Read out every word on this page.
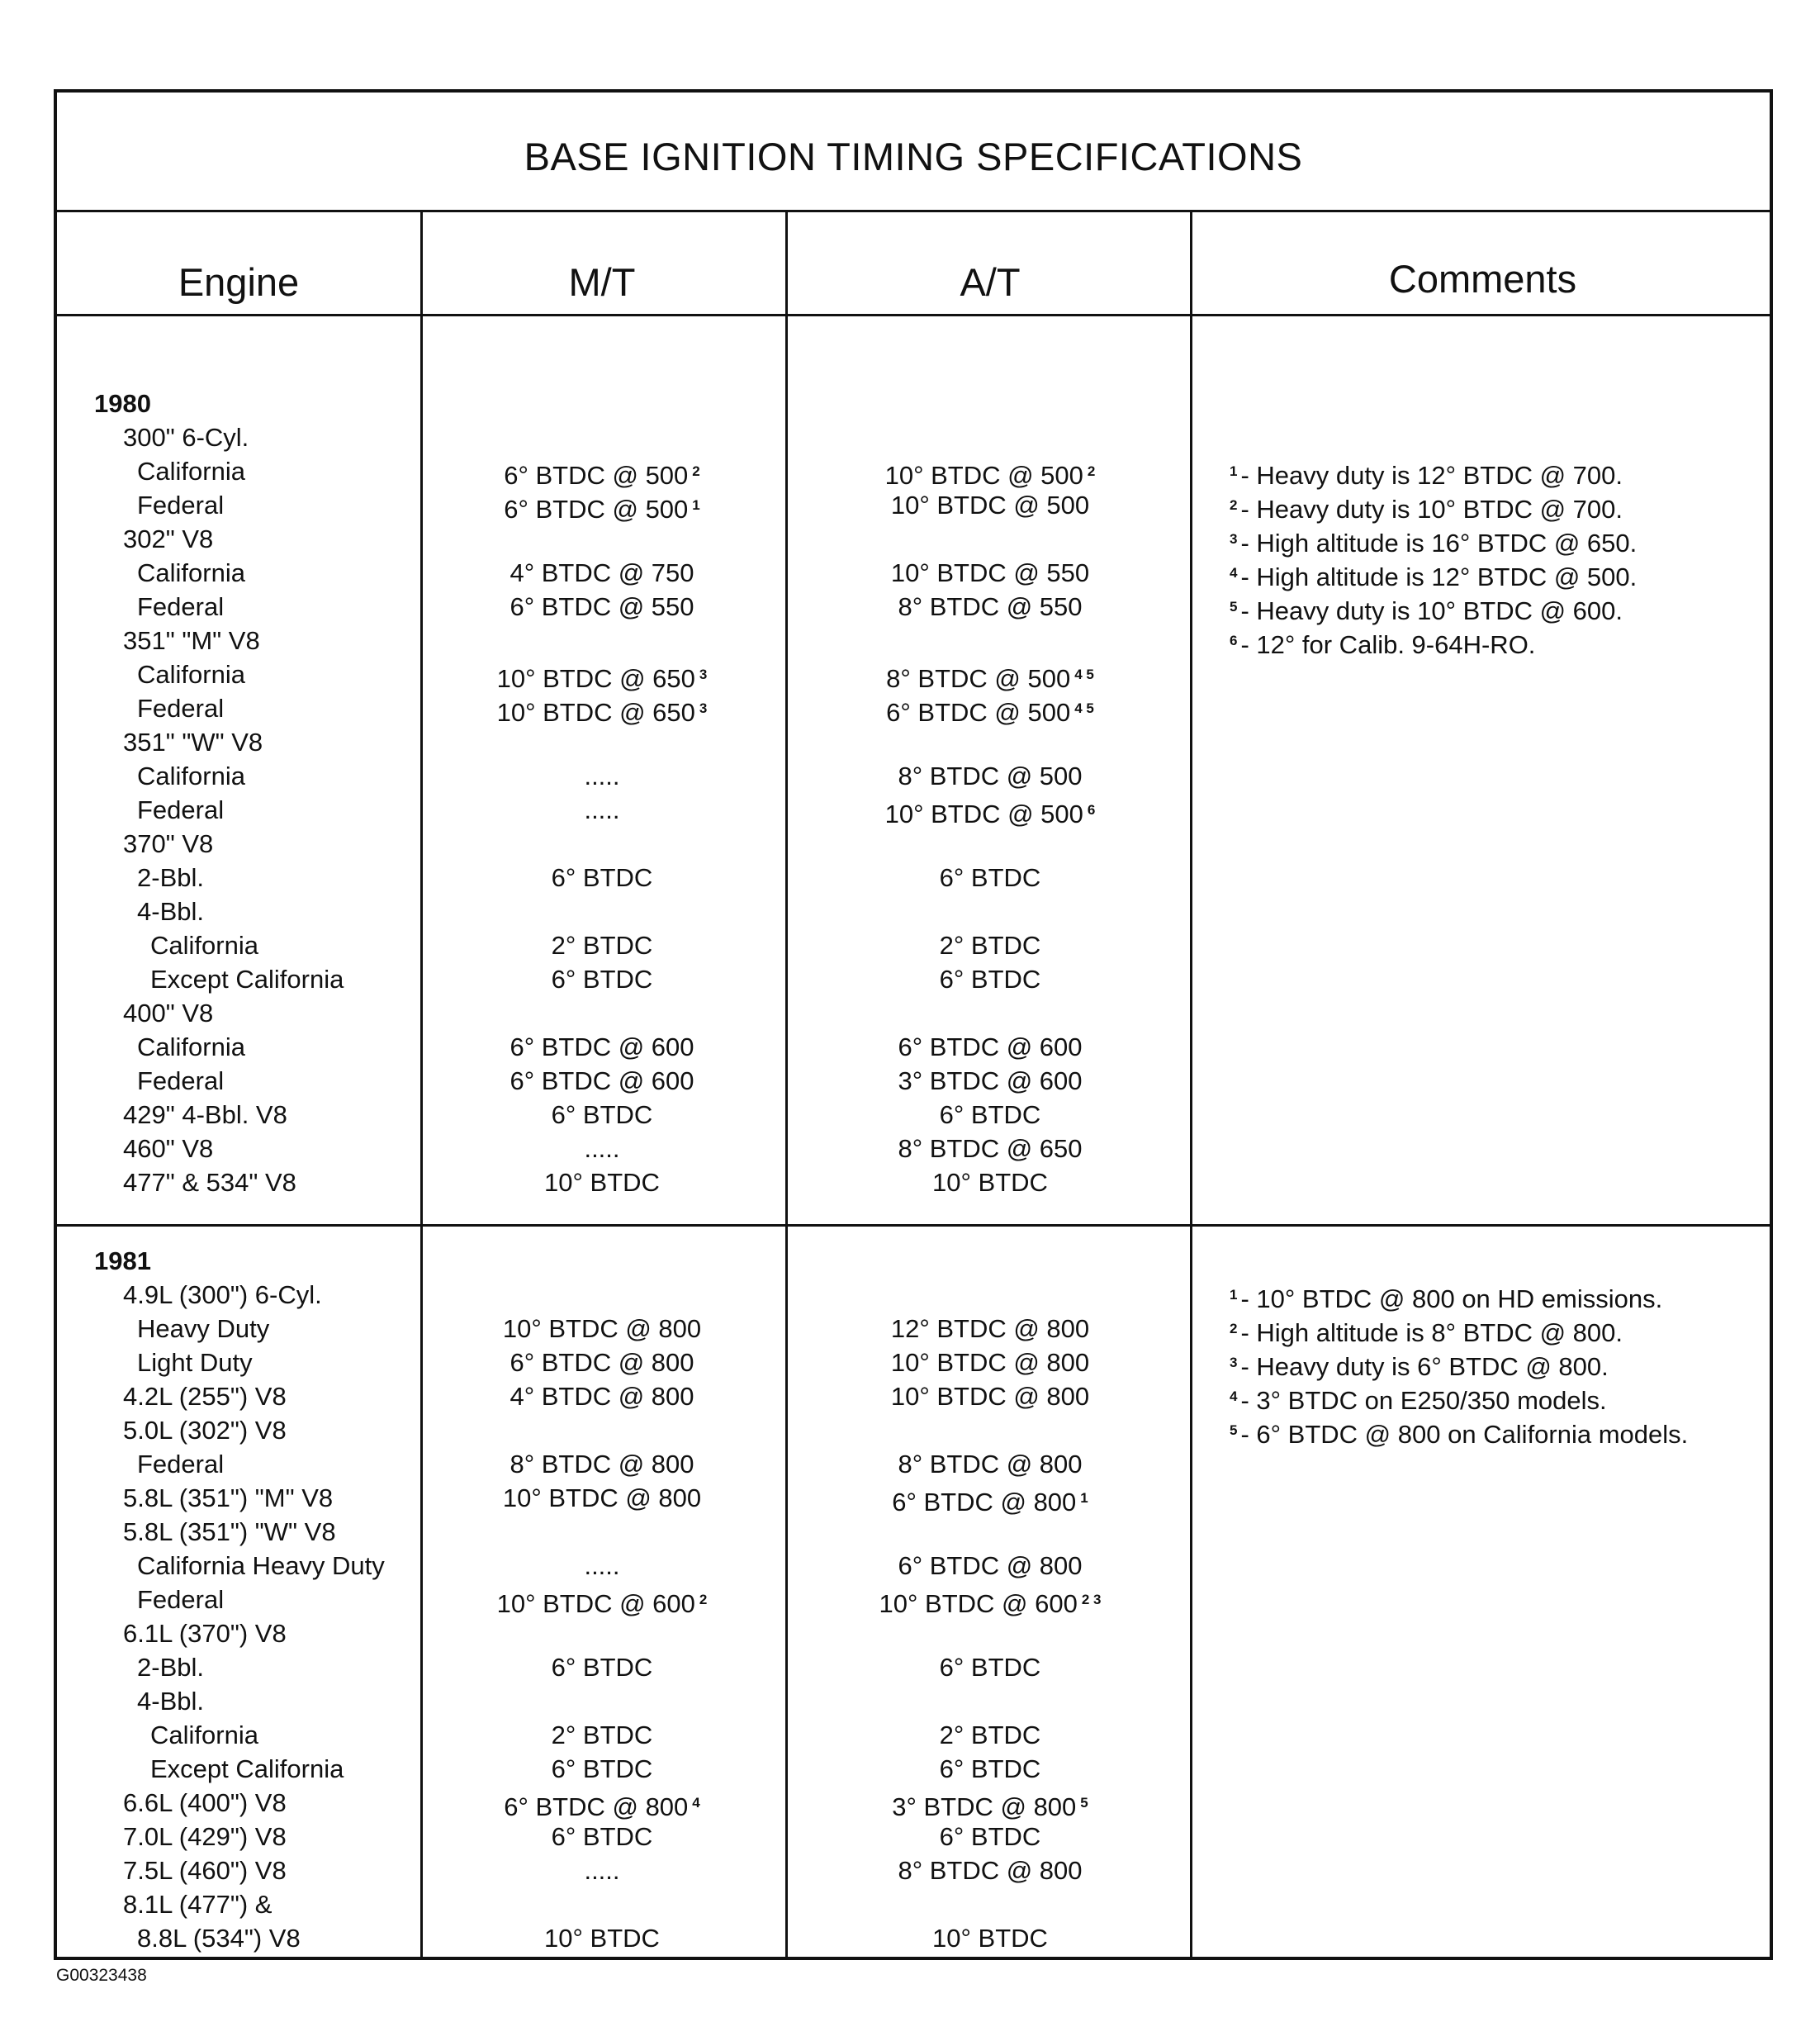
BASE IGNITION TIMING SPECIFICATIONS
Engine	M/T	A/T	Comments
1980
300" 6-Cyl.
California	6° BTDC @ 500 $^2$	10° BTDC @ 500 $^2$
Federal	6° BTDC @ 500 $^1$	10° BTDC @ 500
302" V8
California	4° BTDC @ 750	10° BTDC @ 550
Federal	6° BTDC @ 550	8° BTDC @ 550
351" "M" V8
California	10° BTDC @ 650 $^3$	8° BTDC @ 500 $^{4 5}$
Federal	10° BTDC @ 650 $^3$	6° BTDC @ 500 $^{4 5}$
351" "W" V8
California	.....	8° BTDC @ 500
Federal	.....	10° BTDC @ 500 $^6$
370" V8
2-Bbl.	6° BTDC	6° BTDC
4-Bbl.
California	2° BTDC	2° BTDC
Except California	6° BTDC	6° BTDC
400" V8
California	6° BTDC @ 600	6° BTDC @ 600
Federal	6° BTDC @ 600	3° BTDC @ 600
429" 4-Bbl. V8	6° BTDC	6° BTDC
460" V8	.....	8° BTDC @ 650
477" & 534" V8	10° BTDC	10° BTDC
$^1$ - Heavy duty is 12° BTDC @ 700.
$^2$ - Heavy duty is 10° BTDC @ 700.
$^3$ - High altitude is 16° BTDC @ 650.
$^4$ - High altitude is 12° BTDC @ 500.
$^5$ - Heavy duty is 10° BTDC @ 600.
$^6$ - 12° for Calib. 9-64H-RO.
1981
4.9L (300") 6-Cyl.
Heavy Duty	10° BTDC @ 800	12° BTDC @ 800
Light Duty	6° BTDC @ 800	10° BTDC @ 800
4.2L (255") V8	4° BTDC @ 800	10° BTDC @ 800
5.0L (302") V8
Federal	8° BTDC @ 800	8° BTDC @ 800
5.8L (351") "M" V8	10° BTDC @ 800	6° BTDC @ 800 $^1$
5.8L (351") "W" V8
California Heavy Duty	.....	6° BTDC @ 800
Federal	10° BTDC @ 600 $^2$	10° BTDC @ 600 $^{2 3}$
6.1L (370") V8
2-Bbl.	6° BTDC	6° BTDC
4-Bbl.
California	2° BTDC	2° BTDC
Except California	6° BTDC	6° BTDC
6.6L (400") V8	6° BTDC @ 800 $^4$	3° BTDC @ 800 $^5$
7.0L (429") V8	6° BTDC	6° BTDC
7.5L (460") V8	.....	8° BTDC @ 800
8.1L (477") &
8.8L (534") V8	10° BTDC	10° BTDC
$^1$ - 10° BTDC @ 800 on HD emissions.
$^2$ - High altitude is 8° BTDC @ 800.
$^3$ - Heavy duty is 6° BTDC @ 800.
$^4$ - 3° BTDC on E250/350 models.
$^5$ - 6° BTDC @ 800 on California models.
G00323438
